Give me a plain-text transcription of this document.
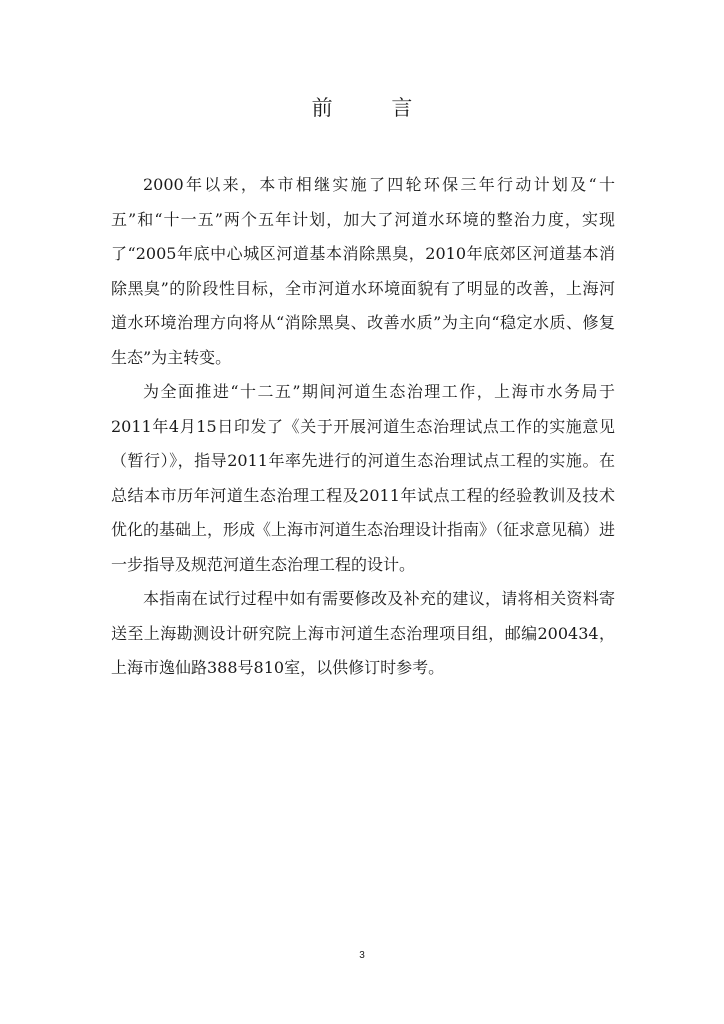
前 言

2000年以来，本市相继实施了四轮环保三年行动计划及“十五”和“十一五”两个五年计划，加大了河道水环境的整治力度，实现了“2005年底中心城区河道基本消除黑臭，2010年底郊区河道基本消除黑臭”的阶段性目标，全市河道水环境面貌有了明显的改善，上海河道水环境治理方向将从“消除黑臭、改善水质”为主向“稳定水质、修复生态”为主转变。

为全面推进“十二五”期间河道生态治理工作，上海市水务局于2011年4月15日印发了《关于开展河道生态治理试点工作的实施意见（暂行）》，指导2011年率先进行的河道生态治理试点工程的实施。在总结本市历年河道生态治理工程及2011年试点工程的经验教训及技术优化的基础上，形成《上海市河道生态治理设计指南》（征求意见稿）进一步指导及规范河道生态治理工程的设计。

本指南在试行过程中如有需要修改及补充的建议，请将相关资料寄送至上海勘测设计研究院上海市河道生态治理项目组，邮编200434，上海市逸仙路388号810室，以供修订时参考。

3
